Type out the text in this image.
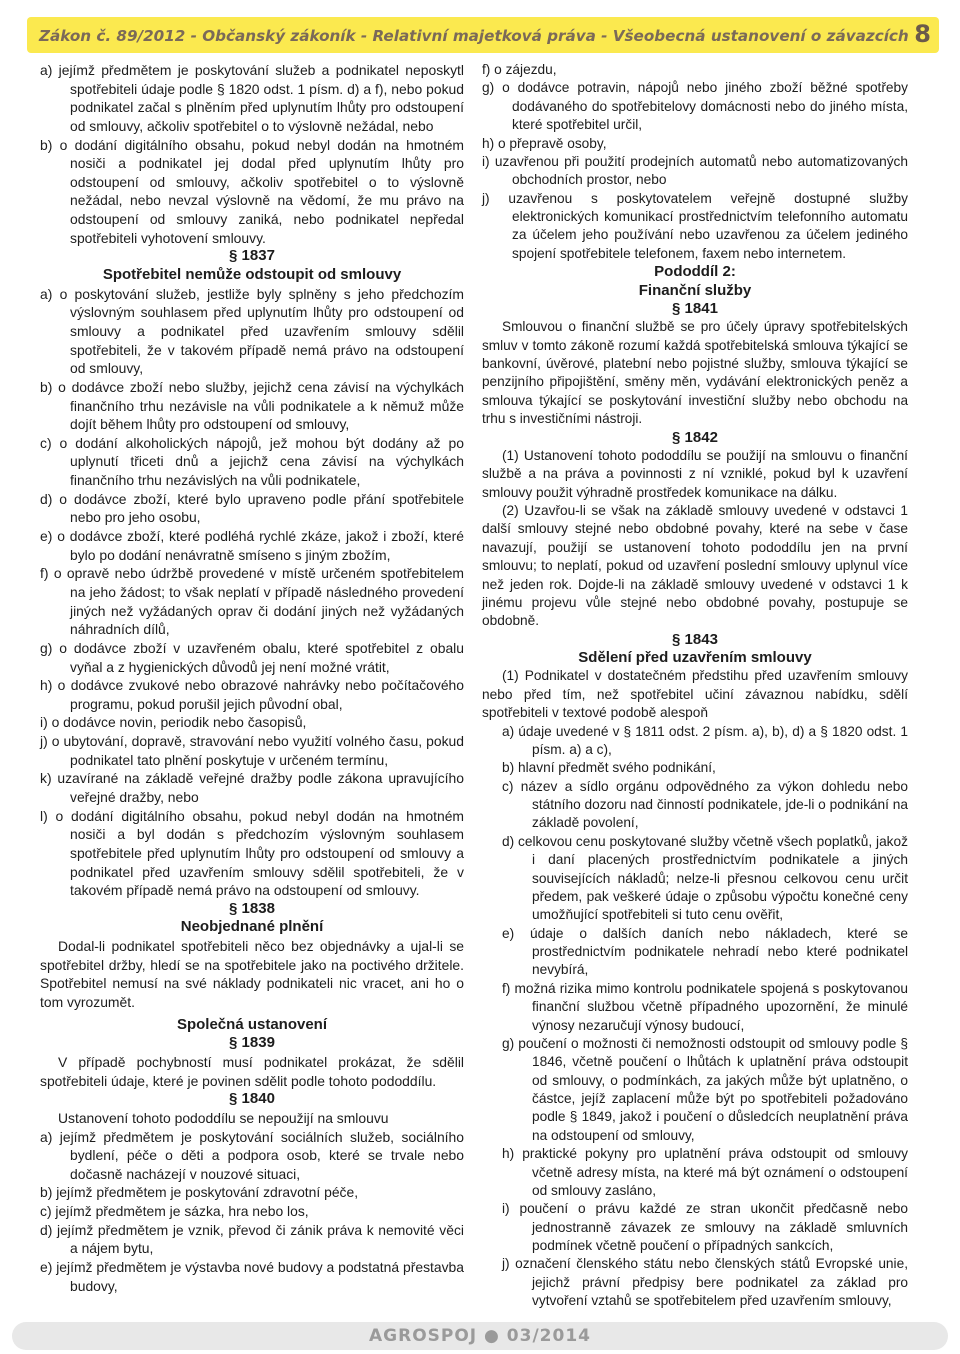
Zákon č. 89/2012 - Občanský zákoník - Relativní majetková práva - Všeobecná ustanovení o závazcích 8
a) jejímž předmětem je poskytování služeb a podnikatel neposkytl spotřebiteli údaje podle § 1820 odst. 1 písm. d) a f), nebo pokud podnikatel začal s plněním před uplynutím lhůty pro odstoupení od smlouvy, ačkoliv spotřebitel o to výslovně nežádal, nebo
b) o dodání digitálního obsahu, pokud nebyl dodán na hmotném nosiči a podnikatel jej dodal před uplynutím lhůty pro odstoupení od smlouvy, ačkoliv spotřebitel o to výslovně nežádal, nebo nevzal výslovně na vědomí, že mu právo na odstoupení od smlouvy zaniká, nebo podnikatel nepředal spotřebiteli vyhotovení smlouvy.
§ 1837
Spotřebitel nemůže odstoupit od smlouvy
a) o poskytování služeb, jestliže byly splněny s jeho předchozím výslovným souhlasem před uplynutím lhůty pro odstoupení od smlouvy a podnikatel před uzavřením smlouvy sdělil spotřebiteli, že v takovém případě nemá právo na odstoupení od smlouvy,
b) o dodávce zboží nebo služby, jejichž cena závisí na výchylkách finančního trhu nezávisle na vůli podnikatele a k němuž může dojít během lhůty pro odstoupení od smlouvy,
c) o dodání alkoholických nápojů, jež mohou být dodány až po uplynutí třiceti dnů a jejichž cena závisí na výchylkách finančního trhu nezávislých na vůli podnikatele,
d) o dodávce zboží, které bylo upraveno podle přání spotřebitele nebo pro jeho osobu,
e) o dodávce zboží, které podléhá rychlé zkáze, jakož i zboží, které bylo po dodání nenávratně smíseno s jiným zbožím,
f) o opravě nebo údržbě provedené v místě určeném spotřebitelem na jeho žádost; to však neplatí v případě následného provedení jiných než vyžádaných oprav či dodání jiných než vyžádaných náhradních dílů,
g) o dodávce zboží v uzavřeném obalu, které spotřebitel z obalu vyňal a z hygienických důvodů jej není možné vrátit,
h) o dodávce zvukové nebo obrazové nahrávky nebo počítačového programu, pokud porušil jejich původní obal,
i) o dodávce novin, periodik nebo časopisů,
j) o ubytování, dopravě, stravování nebo využití volného času, pokud podnikatel tato plnění poskytuje v určeném termínu,
k) uzavírané na základě veřejné dražby podle zákona upravujícího veřejné dražby, nebo
l) o dodání digitálního obsahu, pokud nebyl dodán na hmotném nosiči a byl dodán s předchozím výslovným souhlasem spotřebitele před uplynutím lhůty pro odstoupení od smlouvy a podnikatel před uzavřením smlouvy sdělil spotřebiteli, že v takovém případě nemá právo na odstoupení od smlouvy.
§ 1838
Neobjednané plnění
Dodal-li podnikatel spotřebiteli něco bez objednávky a ujal-li se spotřebitel držby, hledí se na spotřebitele jako na poctivého držitele. Spotřebitel nemusí na své náklady podnikateli nic vracet, ani ho o tom vyrozumět.
Společná ustanovení
§ 1839
V případě pochybností musí podnikatel prokázat, že sdělil spotřebiteli údaje, které je povinen sdělit podle tohoto pododdílu.
§ 1840
Ustanovení tohoto pododdílu se nepoužijí na smlouvu
a) jejímž předmětem je poskytování sociálních služeb, sociálního bydlení, péče o děti a podpora osob, které se trvale nebo dočasně nacházejí v nouzové situaci,
b) jejímž předmětem je poskytování zdravotní péče,
c) jejímž předmětem je sázka, hra nebo los,
d) jejímž předmětem je vznik, převod či zánik práva k nemovité věci a nájem bytu,
e) jejímž předmětem je výstavba nové budovy a podstatná přestavba budovy,
f) o zájezdu,
g) o dodávce potravin, nápojů nebo jiného zboží běžné spotřeby dodávaného do spotřebitelovy domácnosti nebo do jiného místa, které spotřebitel určil,
h) o přepravě osoby,
i) uzavřenou při použití prodejních automatů nebo automatizovaných obchodních prostor, nebo
j) uzavřenou s poskytovatelem veřejně dostupné služby elektronických komunikací prostřednictvím telefonního automatu za účelem jeho používání nebo uzavřenou za účelem jediného spojení spotřebitele telefonem, faxem nebo internetem.
Pododdíl 2:
Finanční služby
§ 1841
Smlouvou o finanční službě se pro účely úpravy spotřebitelských smluv v tomto zákoně rozumí každá spotřebitelská smlouva týkající se bankovní, úvěrové, platební nebo pojistné služby, smlouva týkající se penzijního připojištění, směny měn, vydávání elektronických peněz a smlouva týkající se poskytování investiční služby nebo obchodu na trhu s investičními nástroji.
§ 1842
(1) Ustanovení tohoto pododdílu se použijí na smlouvu o finanční službě a na práva a povinnosti z ní vzniklé, pokud byl k uzavření smlouvy použit výhradně prostředek komunikace na dálku.
(2) Uzavřou-li se však na základě smlouvy uvedené v odstavci 1 další smlouvy stejné nebo obdobné povahy, které na sebe v čase navazují, použijí se ustanovení tohoto pododdílu jen na první smlouvu; to neplatí, pokud od uzavření poslední smlouvy uplynul více než jeden rok. Dojde-li na základě smlouvy uvedené v odstavci 1 k jinému projevu vůle stejné nebo obdobné povahy, postupuje se obdobně.
§ 1843
Sdělení před uzavřením smlouvy
(1) Podnikatel v dostatečném předstihu před uzavřením smlouvy nebo před tím, než spotřebitel učiní závaznou nabídku, sdělí spotřebiteli v textové podobě alespoň
a) údaje uvedené v § 1811 odst. 2 písm. a), b), d) a § 1820 odst. 1 písm. a) a c),
b) hlavní předmět svého podnikání,
c) název a sídlo orgánu odpovědného za výkon dohledu nebo státního dozoru nad činností podnikatele, jde-li o podnikání na základě povolení,
d) celkovou cenu poskytované služby včetně všech poplatků, jakož i daní placených prostřednictvím podnikatele a jiných souvisejících nákladů; nelze-li přesnou celkovou cenu určit předem, pak veškeré údaje o způsobu výpočtu konečné ceny umožňující spotřebiteli si tuto cenu ověřit,
e) údaje o dalších daních nebo nákladech, které se prostřednictvím podnikatele nehradí nebo které podnikatel nevybírá,
f) možná rizika mimo kontrolu podnikatele spojená s poskytovanou finanční službou včetně případného upozornění, že minulé výnosy nezaručují výnosy budoucí,
g) poučení o možnosti či nemožnosti odstoupit od smlouvy podle § 1846, včetně poučení o lhůtách k uplatnění práva odstoupit od smlouvy, o podmínkách, za jakých může být uplatněno, o částce, jejíž zaplacení může být po spotřebiteli požadováno podle § 1849, jakož i poučení o důsledcích neuplatnění práva na odstoupení od smlouvy,
h) praktické pokyny pro uplatnění práva odstoupit od smlouvy včetně adresy místa, na které má být oznámení o odstoupení od smlouvy zasláno,
i) poučení o právu každé ze stran ukončit předčasně nebo jednostranně závazek ze smlouvy na základě smluvních podmínek včetně poučení o případných sankcích,
j) označení členského státu nebo členských států Evropské unie, jejichž právní předpisy bere podnikatel za základ pro vytvoření vztahů se spotřebitelem před uzavřením smlouvy,
AGROSPOJ ● 03/2014
